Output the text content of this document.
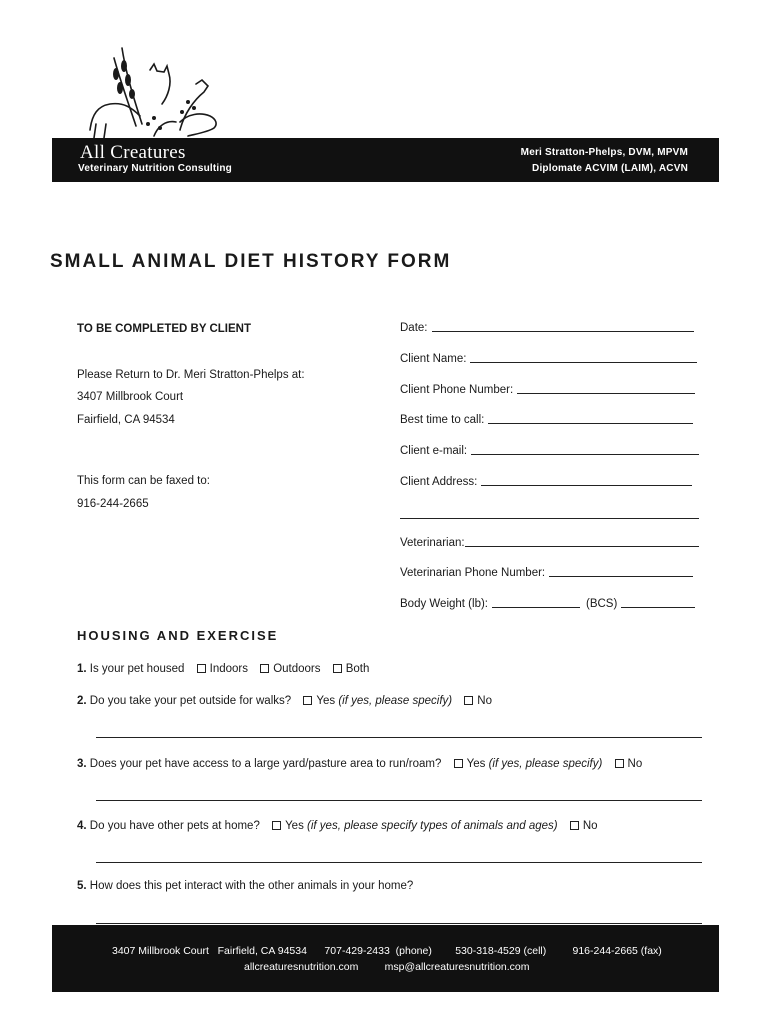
All Creatures
Veterinary Nutrition Consulting
Meri Stratton-Phelps, DVM, MPVM
Diplomate ACVIM (LAIM), ACVN
SMALL ANIMAL DIET HISTORY FORM
TO BE COMPLETED BY CLIENT
Please Return to Dr. Meri Stratton-Phelps at:
3407 Millbrook Court
Fairfield, CA 94534
This form can be faxed to:
916-244-2665
Date:
Client Name:
Client Phone Number:
Best time to call:
Client e-mail:
Client Address:
Veterinarian:
Veterinarian Phone Number:
Body Weight (lb):	(BCS)
HOUSING AND EXERCISE
1. Is your pet housed Indoors Outdoors Both
2. Do you take your pet outside for walks? Yes (if yes, please specify) No
3. Does your pet have access to a large yard/pasture area to run/roam? Yes (if yes, please specify) No
4. Do you have other pets at home? Yes (if yes, please specify types of animals and ages) No
5. How does this pet interact with the other animals in your home?
3407 Millbrook Court   Fairfield, CA 94534      707-429-2433  (phone)        530-318-4529 (cell)         916-244-2665 (fax)
allcreaturesnutrition.com         msp@allcreaturesnutrition.com
